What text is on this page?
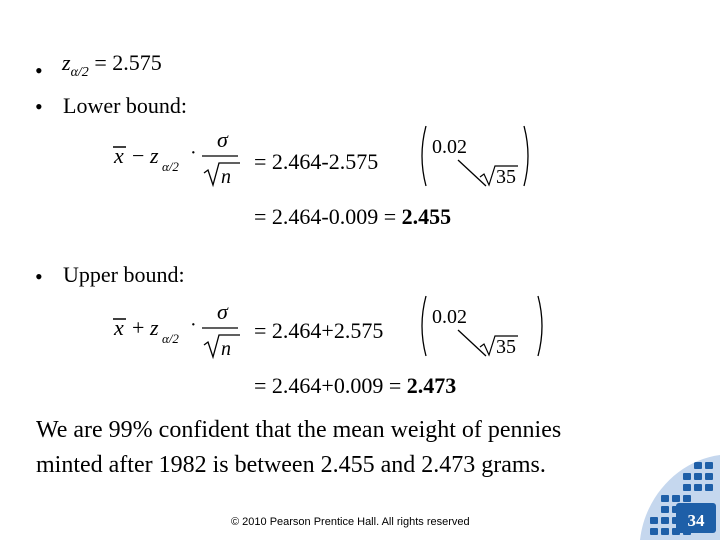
• $z_{\alpha/2} = 2.575$
• Lower bound:
x − z α/2
·
σ
n
= 2.464-2.575
0.02
35
= 2.464-0.009 = 2.455
• Upper bound:
x + z α/2
·
σ
n
= 2.464+2.575
0.02
35
= 2.464+0.009 = 2.473
We are 99% confident that the mean weight of pennies
minted after 1982 is between 2.455 and 2.473 grams.
© 2010 Pearson Prentice Hall. All rights reserved	34
